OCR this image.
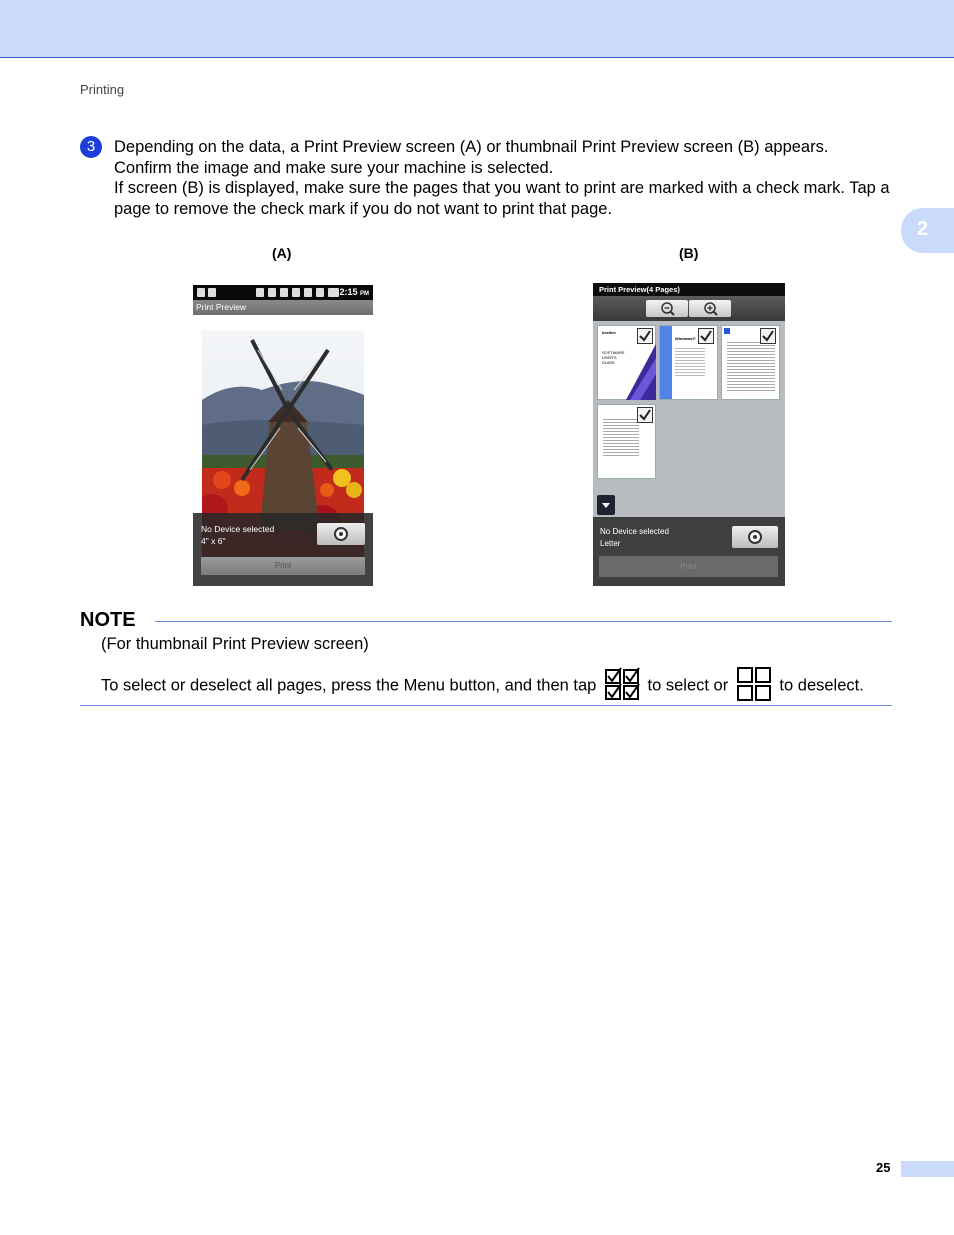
Printing
2
3	Depending on the data, a Print Preview screen (A) or thumbnail Print Preview screen (B) appears.

Confirm the image and make sure your machine is selected.

If screen (B) is displayed, make sure the pages that you want to print are marked with a check mark. Tap a page to remove the check mark if you do not want to print that page.

(A)	(B)
2:15 PM
Print Preview
No Device selected
4" x 6"
Print
Print Preview(4 Pages)
brother
SOFTWARE USER'S GUIDE
Windows®
No Device selected
Letter
Print
NOTE
(For thumbnail Print Preview screen)
To select or deselect all pages, press the Menu button, and then tap	to select or	to deselect.
25
